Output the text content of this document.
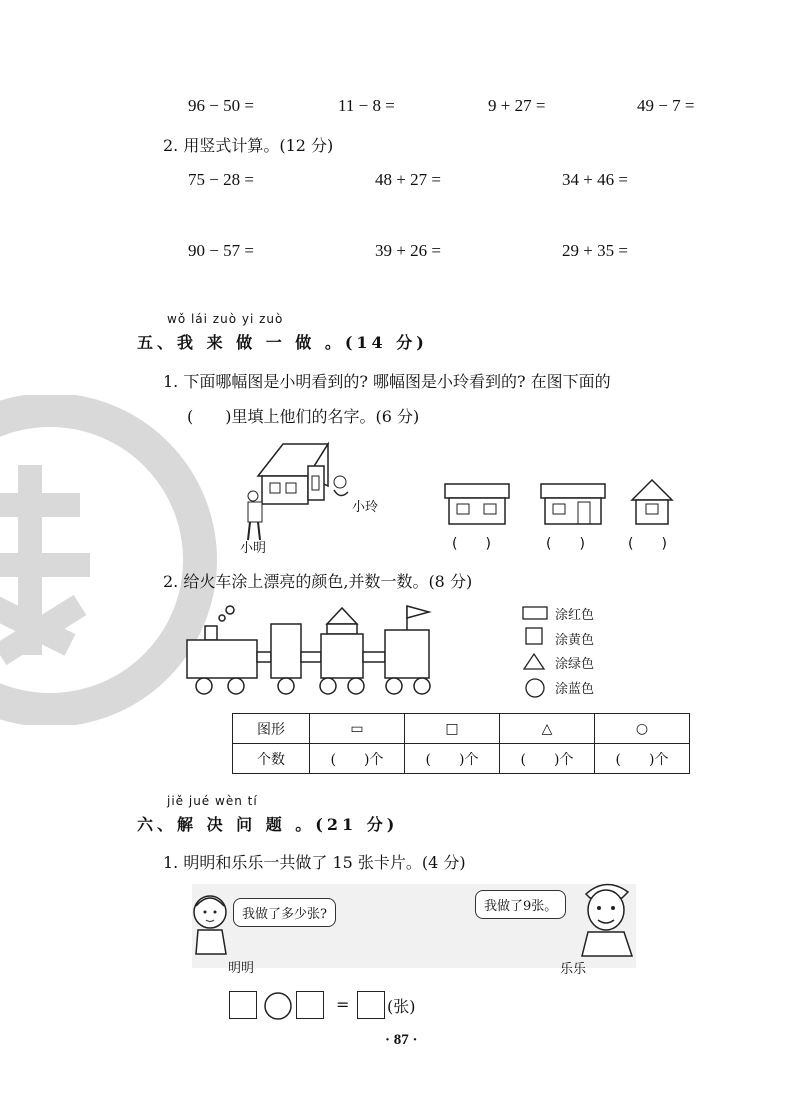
96 − 50 =	11 − 8 =	9 + 27 =	49 − 7 =
2. 用竖式计算。(12 分)
75 − 28 =	48 + 27 =	34 + 46 =
90 − 57 =	39 + 26 =	29 + 35 =
wǒ lái zuò yi zuò
五、我 来 做 一 做 。(14 分)
1. 下面哪幅图是小明看到的? 哪幅图是小玲看到的? 在图下面的
(　　)里填上他们的名字。(6 分)
小玲
小明	(　　)	(　　)	(　　)
2. 给火车涂上漂亮的颜色,并数一数。(8 分)
涂红色
涂黄色
涂绿色
涂蓝色
图形	▭	□	△	○
个数	(　　)个	(　　)个	(　　)个	(　　)个
jiě jué wèn tí
六、解 决 问 题 。(21 分)
1. 明明和乐乐一共做了 15 张卡片。(4 分)
我做了多少张?
我做了9张。
明明	乐乐
= (张)
· 87 ·
